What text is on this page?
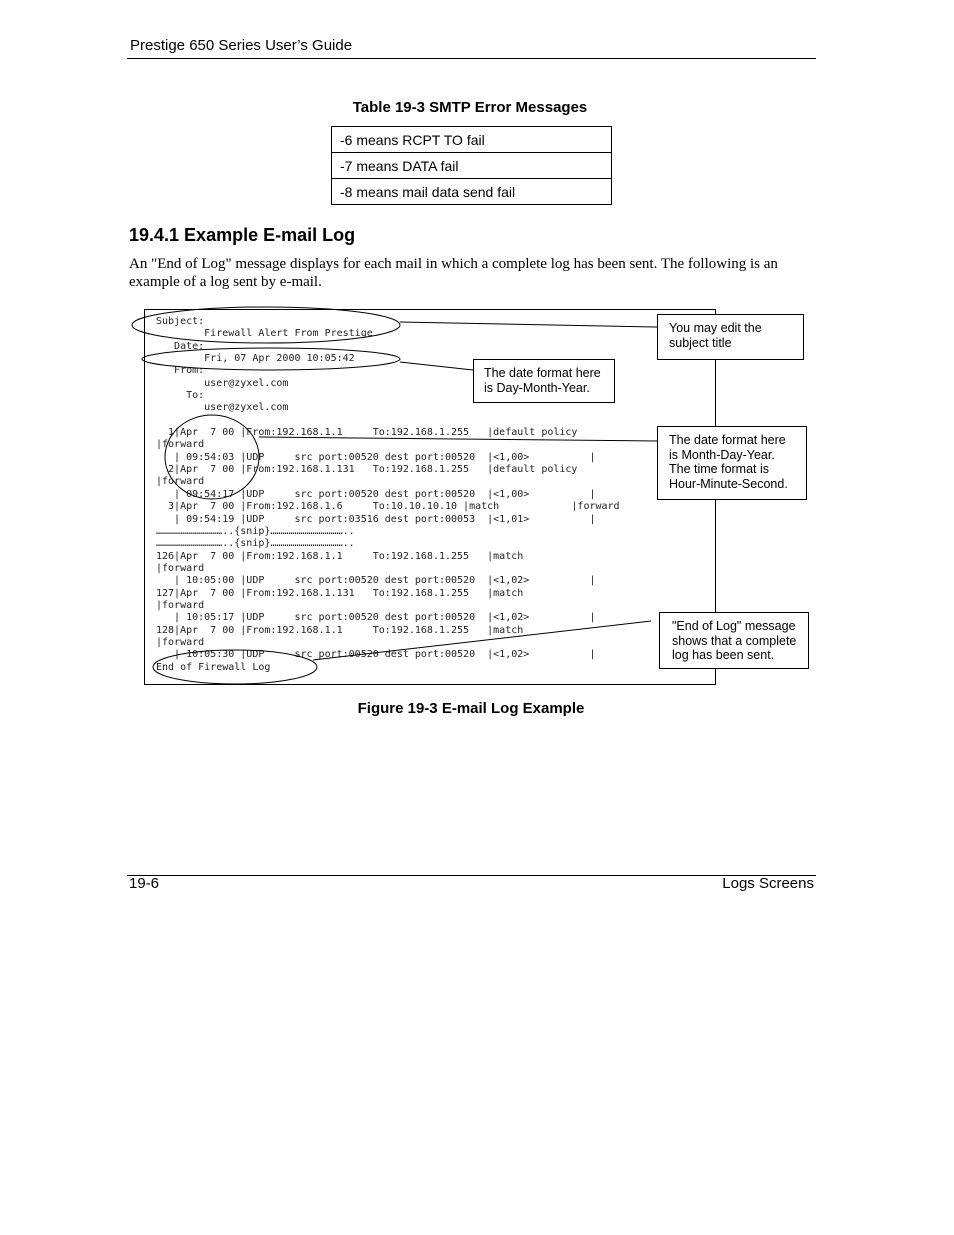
Prestige 650 Series User’s Guide
Table 19-3 SMTP Error Messages
-6 means RCPT TO fail
-7 means DATA fail
-8 means mail data send fail
19.4.1 Example E-mail Log
An "End of Log" message displays for each mail in which a complete log has been sent. The following is an example of a log sent by e-mail.
Subject:
Firewall Alert From Prestige
Date:
Fri, 07 Apr 2000 10:05:42
From:
user@zyxel.com
To:
user@zyxel.com
1|Apr  7 00 |From:192.168.1.1     To:192.168.1.255   |default policy
|forward
| 09:54:03 |UDP     src port:00520 dest port:00520  |<1,00>          |
2|Apr  7 00 |From:192.168.1.131   To:192.168.1.255   |default policy
|forward
| 09:54:17 |UDP     src port:00520 dest port:00520  |<1,00>          |
3|Apr  7 00 |From:192.168.1.6     To:10.10.10.10 |match            |forward
| 09:54:19 |UDP     src port:03516 dest port:00053  |<1,01>          |
……………………………..{snip}………………………………..
……………………………..{snip}………………………………..
126|Apr  7 00 |From:192.168.1.1     To:192.168.1.255   |match
|forward
| 10:05:00 |UDP     src port:00520 dest port:00520  |<1,02>          |
127|Apr  7 00 |From:192.168.1.131   To:192.168.1.255   |match
|forward
| 10:05:17 |UDP     src port:00520 dest port:00520  |<1,02>          |
128|Apr  7 00 |From:192.168.1.1     To:192.168.1.255   |match
|forward
| 10:05:30 |UDP     src port:00520 dest port:00520  |<1,02>          |
End of Firewall Log
You may edit the subject title
The date format here is Day-Month-Year.
The date format here is Month-Day-Year. The time format is Hour-Minute-Second.
"End of Log" message shows that a complete log has been sent.
Figure 19-3 E-mail Log Example
19-6	Logs Screens
